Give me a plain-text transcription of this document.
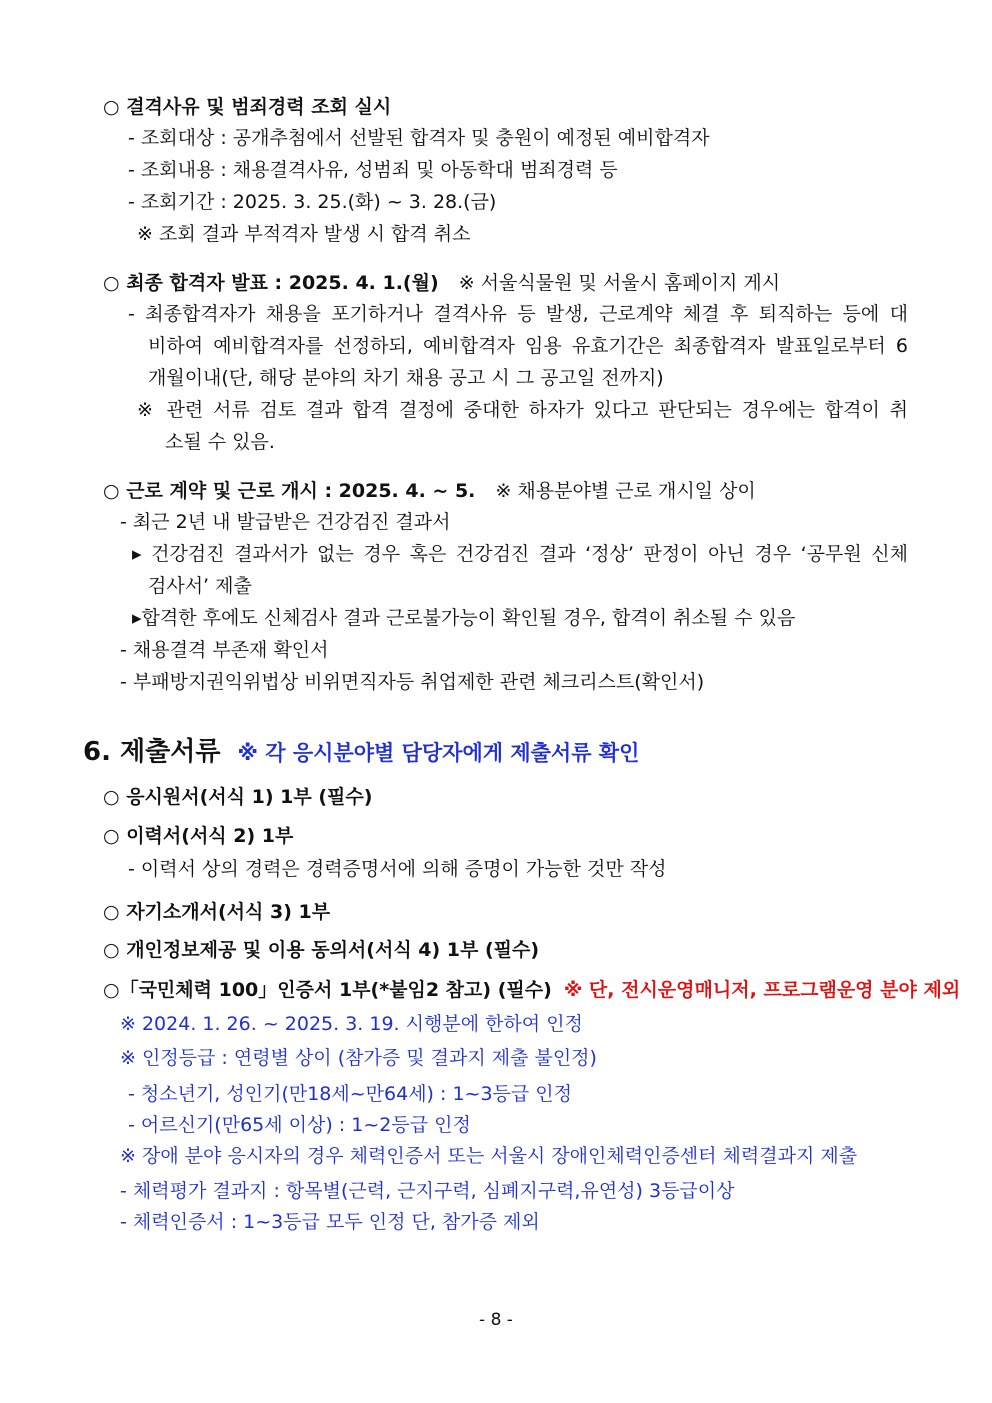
○ 결격사유 및 범죄경력 조회 실시
- 조회대상 : 공개추첨에서 선발된 합격자 및 충원이 예정된 예비합격자
- 조회내용 : 채용결격사유, 성범죄 및 아동학대 범죄경력 등
- 조회기간 : 2025. 3. 25.(화) ~ 3. 28.(금)
※ 조회 결과 부적격자 발생 시 합격 취소
○ 최종 합격자 발표 : 2025. 4. 1.(월) ※ 서울식물원 및 서울시 홈페이지 게시
- 최종합격자가 채용을 포기하거나 결격사유 등 발생, 근로계약 체결 후 퇴직하는 등에 대
비하여 예비합격자를 선정하되, 예비합격자 임용 유효기간은 최종합격자 발표일로부터 6
개월이내(단, 해당 분야의 차기 채용 공고 시 그 공고일 전까지)
※ 관련 서류 검토 결과 합격 결정에 중대한 하자가 있다고 판단되는 경우에는 합격이 취
소될 수 있음.
○ 근로 계약 및 근로 개시 : 2025. 4. ~ 5. ※ 채용분야별 근로 개시일 상이
- 최근 2년 내 발급받은 건강검진 결과서
▸ 건강검진 결과서가 없는 경우 혹은 건강검진 결과 ‘정상’ 판정이 아닌 경우 ‘공무원 신체
검사서’ 제출
▸합격한 후에도 신체검사 결과 근로불가능이 확인될 경우, 합격이 취소될 수 있음
- 채용결격 부존재 확인서
- 부패방지권익위법상 비위면직자등 취업제한 관련 체크리스트(확인서)
6. 제출서류 ※ 각 응시분야별 담당자에게 제출서류 확인
○ 응시원서(서식 1) 1부 (필수)
○ 이력서(서식 2) 1부
- 이력서 상의 경력은 경력증명서에 의해 증명이 가능한 것만 작성
○ 자기소개서(서식 3) 1부
○ 개인정보제공 및 이용 동의서(서식 4) 1부 (필수)
○「국민체력 100」인증서 1부(*붙임2 참고) (필수) ※ 단, 전시운영매니저, 프로그램운영 분야 제외
※ 2024. 1. 26. ~ 2025. 3. 19. 시행분에 한하여 인정
※ 인정등급 : 연령별 상이 (참가증 및 결과지 제출 불인정)
- 청소년기, 성인기(만18세~만64세) : 1~3등급 인정
- 어르신기(만65세 이상) : 1~2등급 인정
※ 장애 분야 응시자의 경우 체력인증서 또는 서울시 장애인체력인증센터 체력결과지 제출
- 체력평가 결과지 : 항목별(근력, 근지구력, 심폐지구력,유연성) 3등급이상
- 체력인증서 : 1~3등급 모두 인정 단, 참가증 제외
- 8 -
